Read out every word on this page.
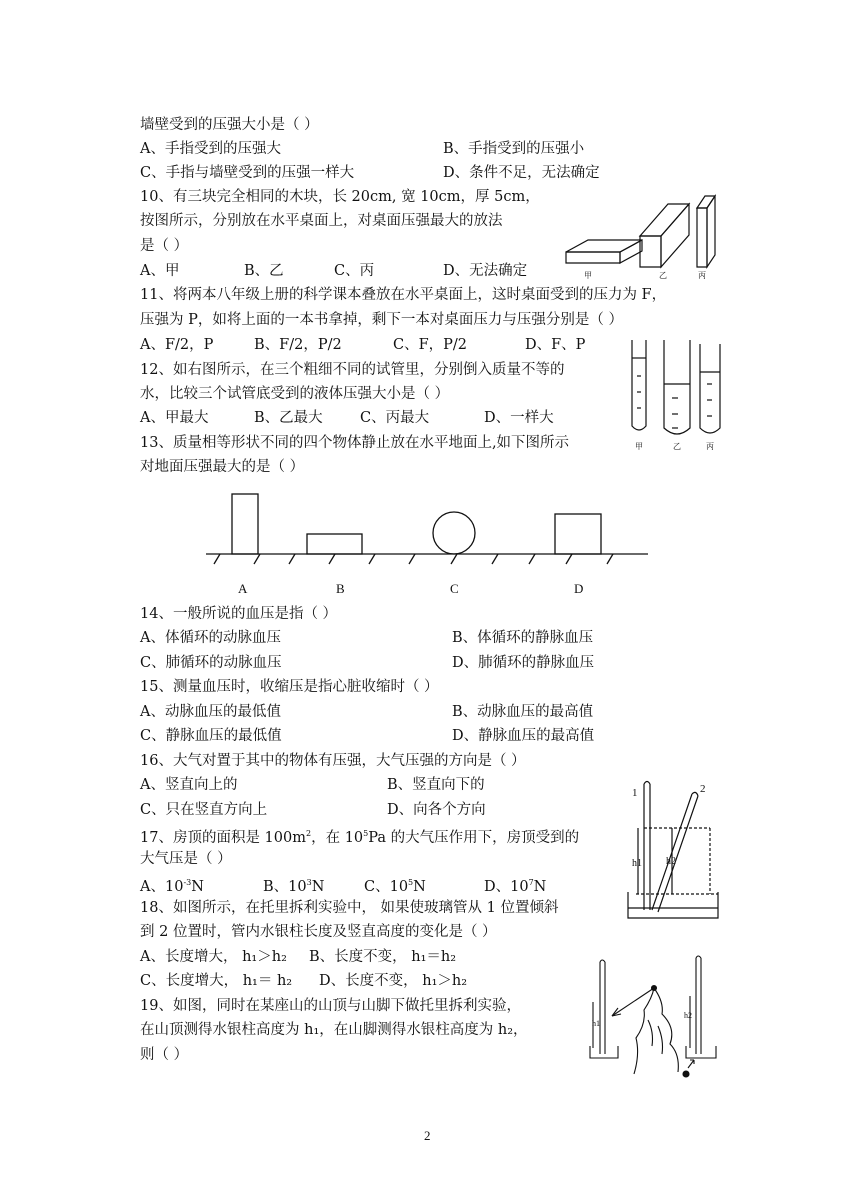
墙壁受到的压强大小是（ ）
A、手指受到的压强大	B、手指受到的压强小
C、手指与墙壁受到的压强一样大	D、条件不足，无法确定
10、有三块完全相同的木块，长 20cm, 宽 10cm，厚 5cm，
按图所示，分别放在水平桌面上，对桌面压强最大的放法
是（ ）
A、甲	B、乙	C、丙	D、无法确定	甲	乙	丙
11、将两本八年级上册的科学课本叠放在水平桌面上，这时桌面受到的压力为 F，
压强为 P，如将上面的一本书拿掉，剩下一本对桌面压力与压强分别是（ ）
A、F/2，P	B、F/2，P/2	C、F，P/2	D、F、P
12、如右图所示，在三个粗细不同的试管里，分别倒入质量不等的
水，比较三个试管底受到的液体压强大小是（ ）
A、甲最大	B、乙最大	C、丙最大	D、一样大
甲	乙	丙
13、质量相等形状不同的四个物体静止放在水平地面上,如下图所示
对地面压强最大的是（ ）
A	B	C	D
14、一般所说的血压是指（ ）
A、体循环的动脉血压	B、体循环的静脉血压
C、肺循环的动脉血压	D、肺循环的静脉血压
15、测量血压时，收缩压是指心脏收缩时（ ）
A、动脉血压的最低值	B、动脉血压的最高值
C、静脉血压的最低值	D、静脉血压的最高值
16、大气对置于其中的物体有压强，大气压强的方向是（ ）
A、竖直向上的	B、竖直向下的
C、只在竖直方向上	D、向各个方向
17、房顶的面积是 $100m^2$，在 $10^5Pa$ 的大气压作用下，房顶受到的
大气压是（ ）
A、$10^{-3}N$	B、$10^3N$	C、$10^5N$	D、$10^7N$
18、如图所示，在托里拆利实验中， 如果使玻璃管从 1 位置倾斜
到 2 位置时，管内水银柱长度及竖直高度的变化是（ ）
A、长度增大， h₁＞h₂ B、长度不变， h₁＝h₂
C、长度增大， h₁＝ h₂ D、长度不变， h₁＞h₂
1	2
h1 h2
19、如图，同时在某座山的山顶与山脚下做托里拆利实验，
在山顶测得水银柱高度为 h₁，在山脚测得水银柱高度为 h₂，
则（ ）
h1
h2
2
